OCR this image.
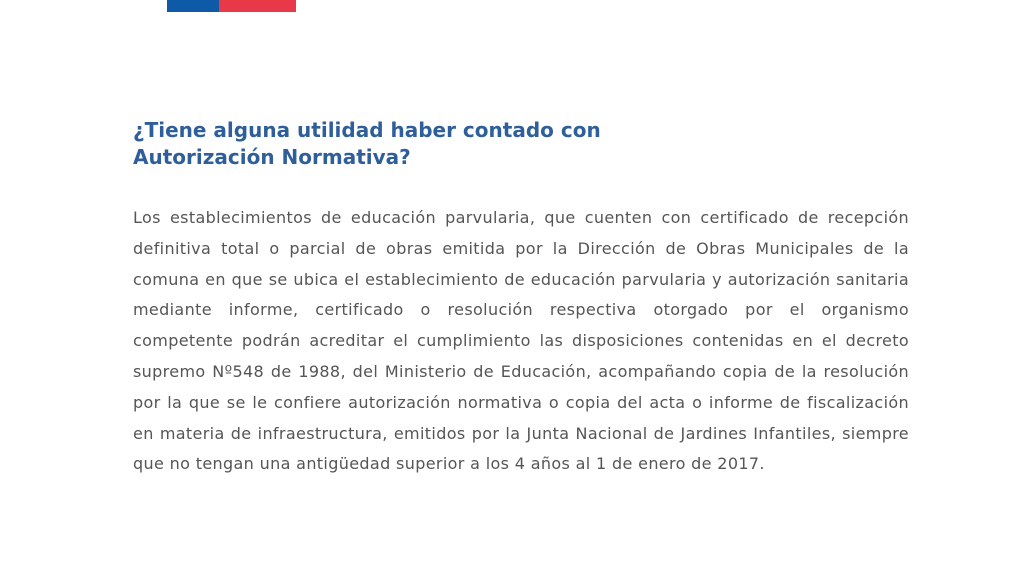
¿Tiene alguna utilidad haber contado con
Autorización Normativa?

Los establecimientos de educación parvularia, que cuenten con certificado de recepción definitiva total o parcial de obras emitida por la Dirección de Obras Municipales de la comuna en que se ubica el establecimiento de educación parvularia y autorización sanitaria mediante informe, certificado o resolución respectiva otorgado por el organismo competente podrán acreditar el cumplimiento las disposiciones contenidas en el decreto supremo Nº548 de 1988, del Ministerio de Educación, acompañando copia de la resolución por la que se le confiere autorización normativa o copia del acta o informe de fiscalización en materia de infraestructura, emitidos por la Junta Nacional de Jardines Infantiles, siempre que no tengan una antigüedad superior a los 4 años al 1 de enero de 2017.
